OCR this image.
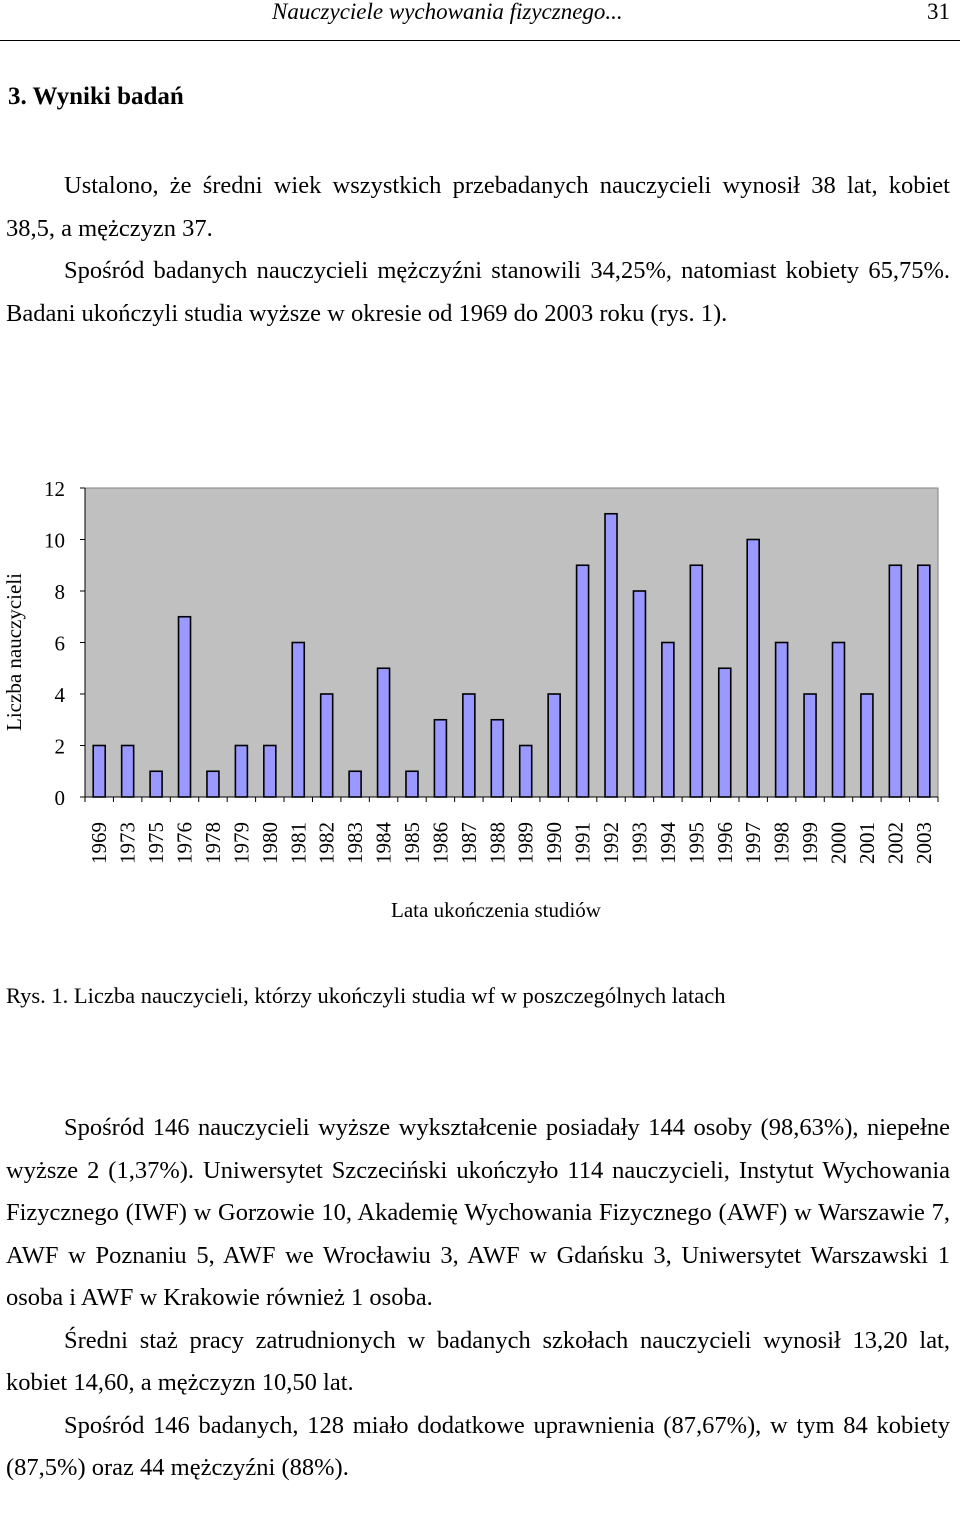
Nauczyciele wychowania fizycznego...	31
3. Wyniki badań

Ustalono, że średni wiek wszystkich przebadanych nauczycieli wynosił 38 lat, kobiet 38,5, a mężczyzn 37.

Spośród badanych nauczycieli mężczyźni stanowili 34,25%, natomiast kobiety 65,75%. Badani ukończyli studia wyższe w okresie od 1969 do 2003 roku (rys. 1).

0
2
4
6
8
10
12
1969 1973 1975 1976 1978 1979 1980 1981 1982 1983 1984 1985 1986 1987 1988 1989 1990 1991 1992 1993 1994 1995 1996 1997 1998 1999 2000 2001 2002 2003
Liczba nauczycieli
Lata ukończenia studiów
Rys. 1. Liczba nauczycieli, którzy ukończyli studia wf w poszczególnych latach

Spośród 146 nauczycieli wyższe wykształcenie posiadały 144 osoby (98,63%), niepełne wyższe 2 (1,37%). Uniwersytet Szczeciński ukończyło 114 nauczycieli, Instytut Wychowania Fizycznego (IWF) w Gorzowie 10, Akademię Wychowania Fizycznego (AWF) w Warszawie 7, AWF w Poznaniu 5, AWF we Wrocławiu 3, AWF w Gdańsku 3, Uniwersytet Warszawski 1 osoba i AWF w Krakowie również 1 osoba.

Średni staż pracy zatrudnionych w badanych szkołach nauczycieli wynosił 13,20 lat, kobiet 14,60, a mężczyzn 10,50 lat.

Spośród 146 badanych, 128 miało dodatkowe uprawnienia (87,67%), w tym 84 kobiety (87,5%) oraz 44 mężczyźni (88%).
